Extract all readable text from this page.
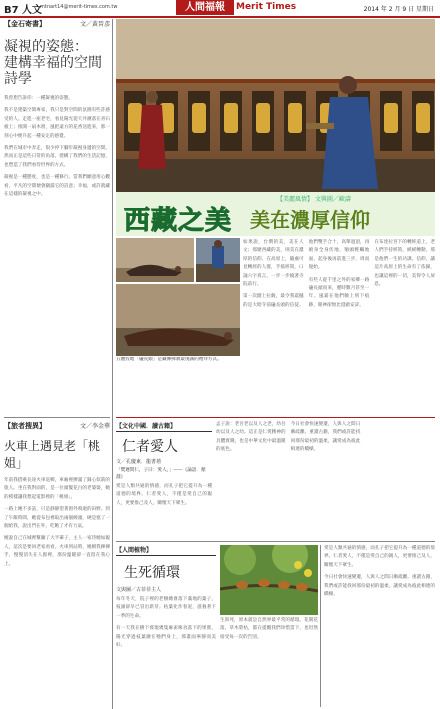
B7 人文
mtnart14@merit-times.com.tw	人間福報	Merit Times	2014 年 2 月 9 日 星期日
【金石寄書】	文／黃晉彥
凝視的姿態：
建構幸福的空間詩學

我曾想告訴你：一種凝視的姿態。

我不是建築空間專家，我只是對空間的氛圍有些許感受的人。走進一座老宅，看見陽光從天井灑落在青石板上；推開一扇木窗，風把遠方的花香送進來，那一刻心中便升起一種安定的感覺。

我們在城市中奔走，很少停下腳步凝視身邊的空間。然而正是這些日常的角落，建構了我們的生活記憶，也塑造了我們看待世界的方式。

凝視是一種態度，也是一種修行。當我們願意用心觀看，平凡的空間便會顯露它的詩意；幸福，或許就藏在這樣的凝視之中。

【旅者搜異】	文／李金華
火車上遇見老「桃姐」

年前我搭乘長途火車返鄉，車廂裡擠滿了歸心似箭的旅人。坐在我對面的，是一位頭髮花白的老婆婆，她的模樣讓我想起電影裡的「桃姐」。

一路上她不多話，只是靜靜望著窗外飛逝的田野。到了午飯時間，她從布包裡取出兩個饅頭，硬是塞了一個給我，說出門在外，吃飽了才有力氣。

她說自己在城裡幫傭了大半輩子，主人一家待她如親人，這次是要回老家看看。火車到站時，她朝我揮揮手，慢慢消失在人群裡，那份溫暖卻一直留在我心上。

【美麗風情】 文與圖／歐濤
西藏之美 美在濃厚信仰
五體投地「磕長頭」是藏傳佛教最虔誠的禮拜方式。

如果說，台灣的美，美在人文；那麼西藏的美，則美在濃厚的信仰。在高原上，隨處可見轉經的人群，手搖經筒，口誦六字真言，一步一步繞著寺院前行。

第一次踏上拉薩，最令我震撼的是大昭寺前磕長頭的信徒。他們雙手合十，高舉過頂，再俯身全身伏地，額頭輕觸地面，起身後再前進三步，周而復始。

有些人從千里之外的家鄉一路磕長頭而來，歷時數月甚至一年。風霜在他們臉上刻下痕跡，眼神卻無比澄澈安詳。

在布達拉宮下的轉經道上，老人們手持經筒，緩緩轉動，那是他們一生的功課。信仰，讓這片高原上的生命有了依歸，也讓這裡的一切，美得令人屏息。

【文化中國．讀古籍】
仁者愛人
文／孔慶東．龍書禧
「樊遲問仁，子曰：愛人。」——《論語．顏淵》

愛是人類共通的情感，而孔子把它提升為一種道德的境界。仁者愛人，不僅是愛自己的親人，更要推己及人，關懷天下眾生。

孟子說：老吾老以及人之老，幼吾幼以及人之幼。這正是仁愛精神的具體實踐，也是中華文化中最溫暖的底色。

今日社會快速變遷，人與人之間日漸疏離。重讀古籍，我們或許能找回那份最初的溫柔，讓愛成為彼此相連的橋樑。

【人間植物】
生死循環
文與圖／古菲菲主人

每年冬天，院子裡的老樹總會落下滿地的葉子，枝頭卻早已冒出新芽。枯葉化作春泥，滋養著下一季的生命。

有一天我在樹下發現幾隻麻雀啄食落下的果實，陽光穿過枝葉灑在牠們身上，那畫面寧靜而美好。

生與死，原本就是自然界最平常的循環。花開花落，草木榮枯，都在提醒我們珍惜當下，也坦然接受每一次的告別。

愛是人類共通的情感，而孔子把它提升為一種道德的境界。仁者愛人，不僅是愛自己的親人，更要推己及人，關懷天下眾生。

今日社會快速變遷，人與人之間日漸疏離。重讀古籍，我們或許能找回那份最初的溫柔，讓愛成為彼此相連的橋樑。
